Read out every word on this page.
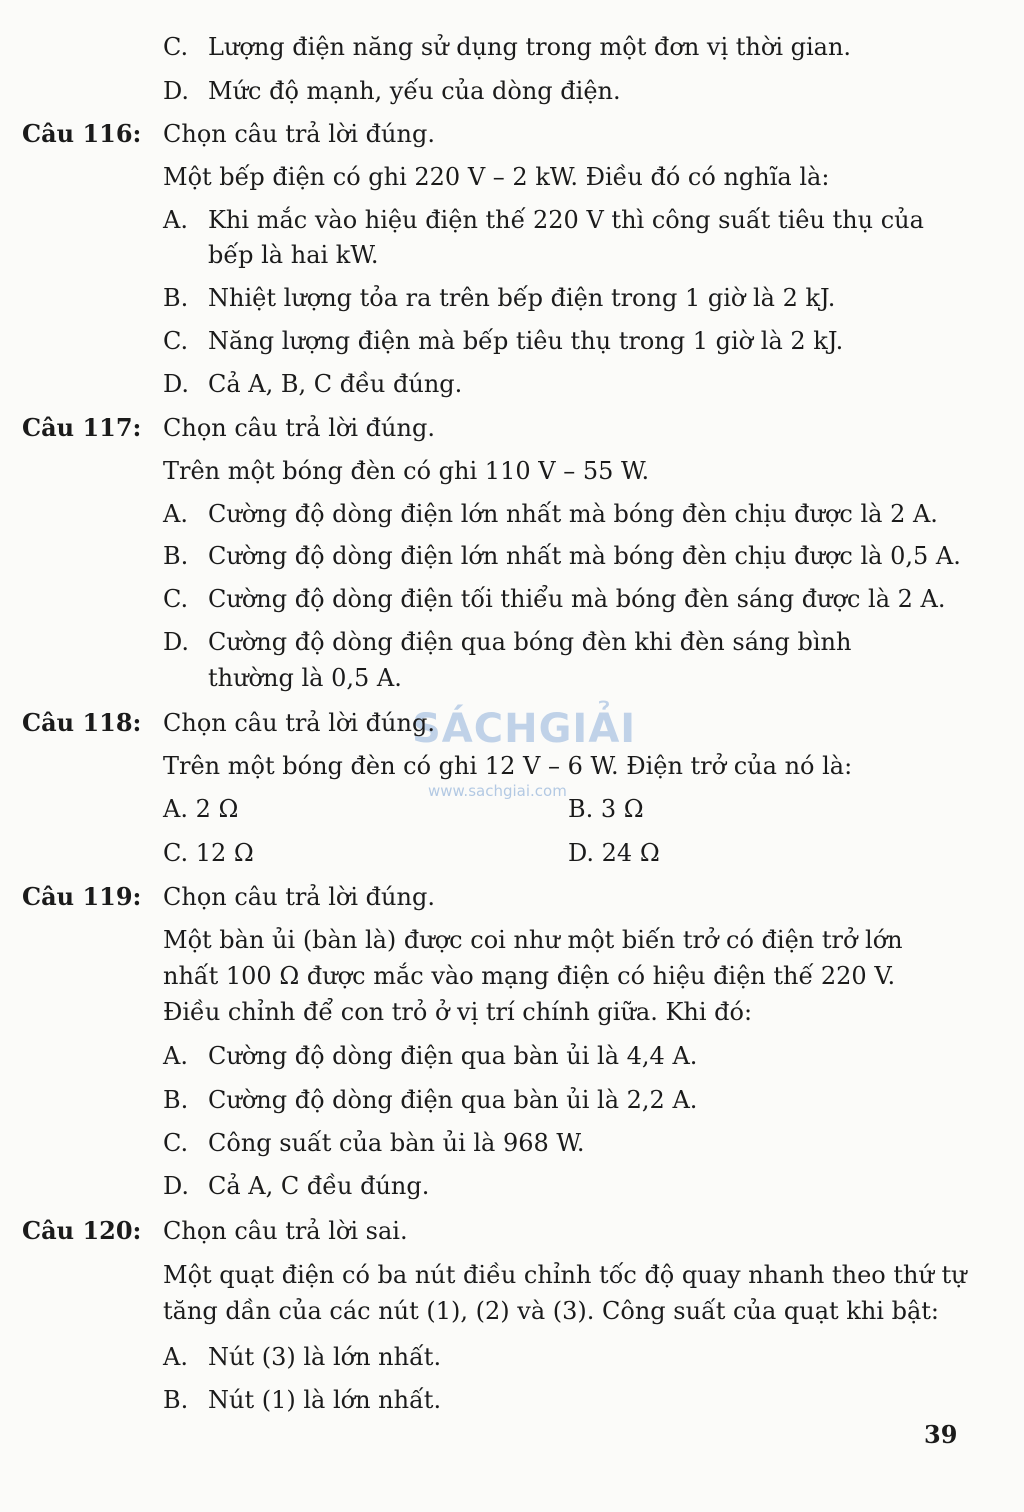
C. Lượng điện năng sử dụng trong một đơn vị thời gian.
D. Mức độ mạnh, yếu của dòng điện.
Câu 116: Chọn câu trả lời đúng.
Một bếp điện có ghi 220 V – 2 kW. Điều đó có nghĩa là:
A. Khi mắc vào hiệu điện thế 220 V thì công suất tiêu thụ của
bếp là hai kW.
B. Nhiệt lượng tỏa ra trên bếp điện trong 1 giờ là 2 kJ.
C. Năng lượng điện mà bếp tiêu thụ trong 1 giờ là 2 kJ.
D. Cả A, B, C đều đúng.
Câu 117: Chọn câu trả lời đúng.
Trên một bóng đèn có ghi 110 V – 55 W.
A. Cường độ dòng điện lớn nhất mà bóng đèn chịu được là 2 A.
B. Cường độ dòng điện lớn nhất mà bóng đèn chịu được là 0,5 A.
C. Cường độ dòng điện tối thiểu mà bóng đèn sáng được là 2 A.
D. Cường độ dòng điện qua bóng đèn khi đèn sáng bình
thường là 0,5 A.
SÁCHGIẢI
www.sachgiai.com
Câu 118: Chọn câu trả lời đúng.
Trên một bóng đèn có ghi 12 V – 6 W. Điện trở của nó là:
A. 2 Ω	B. 3 Ω
C. 12 Ω	D. 24 Ω
Câu 119: Chọn câu trả lời đúng.
Một bàn ủi (bàn là) được coi như một biến trở có điện trở lớn
nhất 100 Ω được mắc vào mạng điện có hiệu điện thế 220 V.
Điều chỉnh để con trỏ ở vị trí chính giữa. Khi đó:
A. Cường độ dòng điện qua bàn ủi là 4,4 A.
B. Cường độ dòng điện qua bàn ủi là 2,2 A.
C. Công suất của bàn ủi là 968 W.
D. Cả A, C đều đúng.
Câu 120: Chọn câu trả lời sai.
Một quạt điện có ba nút điều chỉnh tốc độ quay nhanh theo thứ tự
tăng dần của các nút (1), (2) và (3). Công suất của quạt khi bật:
A. Nút (3) là lớn nhất.
B. Nút (1) là lớn nhất.
39
